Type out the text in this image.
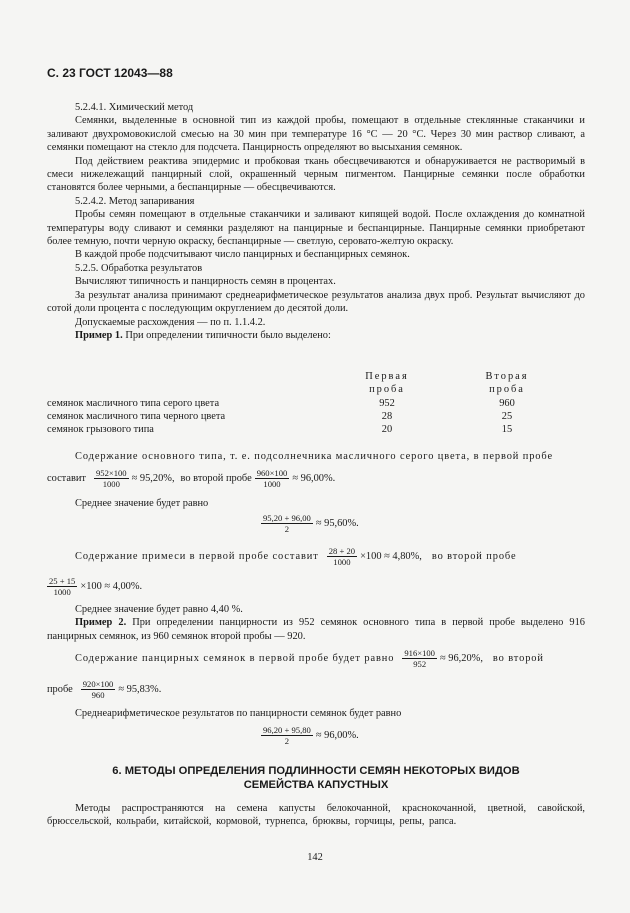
С. 23 ГОСТ 12043—88

5.2.4.1. Химический метод

Семянки, выделенные в основной тип из каждой пробы, помещают в отдельные стеклянные стаканчики и заливают двухромовокислой смесью на 30 мин при температуре 16 °С — 20 °С. Через 30 мин раствор сливают, а семянки помещают на стекло для подсчета. Панцирность определяют во высыхания семянок.

Под действием реактива эпидермис и пробковая ткань обесцвечиваются и обнаруживается не растворимый в смеси нижележащий панцирный слой, окрашенный черным пигментом. Панцирные семянки после обработки становятся более черными, а беспанцирные — обесцвечиваются.

5.2.4.2. Метод запаривания

Пробы семян помещают в отдельные стаканчики и заливают кипящей водой. После охлаждения до комнатной температуры воду сливают и семянки разделяют на панцирные и беспанцирные. Панцирные семянки приобретают более темную, почти черную окраску, беспанцирные — светлую, серовато-желтую окраску.

В каждой пробе подсчитывают число панцирных и беспанцирных семянок.

5.2.5. Обработка результатов

Вычисляют типичность и панцирность семян в процентах.

За результат анализа принимают среднеарифметическое результатов анализа двух проб. Результат вычисляют до сотой доли процента с последующим округлением до десятой доли.

Допускаемые расхождения — по п. 1.1.4.2.

Пример 1. При определении типичности было выделено:

Первая	Вторая
проба	проба
семянок масличного типа серого цвета	952	960
семянок масличного типа черного цвета	28	25
семянок грызового типа	20	15

Содержание основного типа, т. е. подсолнечника масличного серого цвета, в первой пробе

составит $\frac{952\times 100}{1000} \approx 95,20\%$, во второй пробе $\frac{960\times 100}{1000} \approx 96,00\%$.

Среднее значение будет равно

$\frac{95,20 + 96,00}{2} \approx 95,60\%$.
Содержание примеси в первой пробе составит $\frac{28 + 20}{1000} \times 100 \approx 4,80\%$, во второй пробе
$\frac{25 + 15}{1000} \times 100 \approx 4,00\%$.

Среднее значение будет равно 4,40 %.

Пример 2. При определении панцирности из 952 семянок основного типа в первой пробе выделено 916 панцирных семянок, из 960 семянок второй пробы — 920.

Содержание панцирных семянок в первой пробе будет равно $\frac{916\times 100}{952} \approx 96,20\%$, во второй
пробе $\frac{920\times 100}{960} \approx 95,83\%$.

Среднеарифметическое результатов по панцирности семянок будет равно

$\frac{96,20 + 95,80}{2} \approx 96,00\%$.
6. МЕТОДЫ ОПРЕДЕЛЕНИЯ ПОДЛИННОСТИ СЕМЯН НЕКОТОРЫХ ВИДОВ
СЕМЕЙСТВА КАПУСТНЫХ

Методы распространяются на семена капусты белокочанной, краснокочанной, цветной, савойской, брюссельской, кольраби, китайской, кормовой, турнепса, брюквы, горчицы, репы, рапса.

142
